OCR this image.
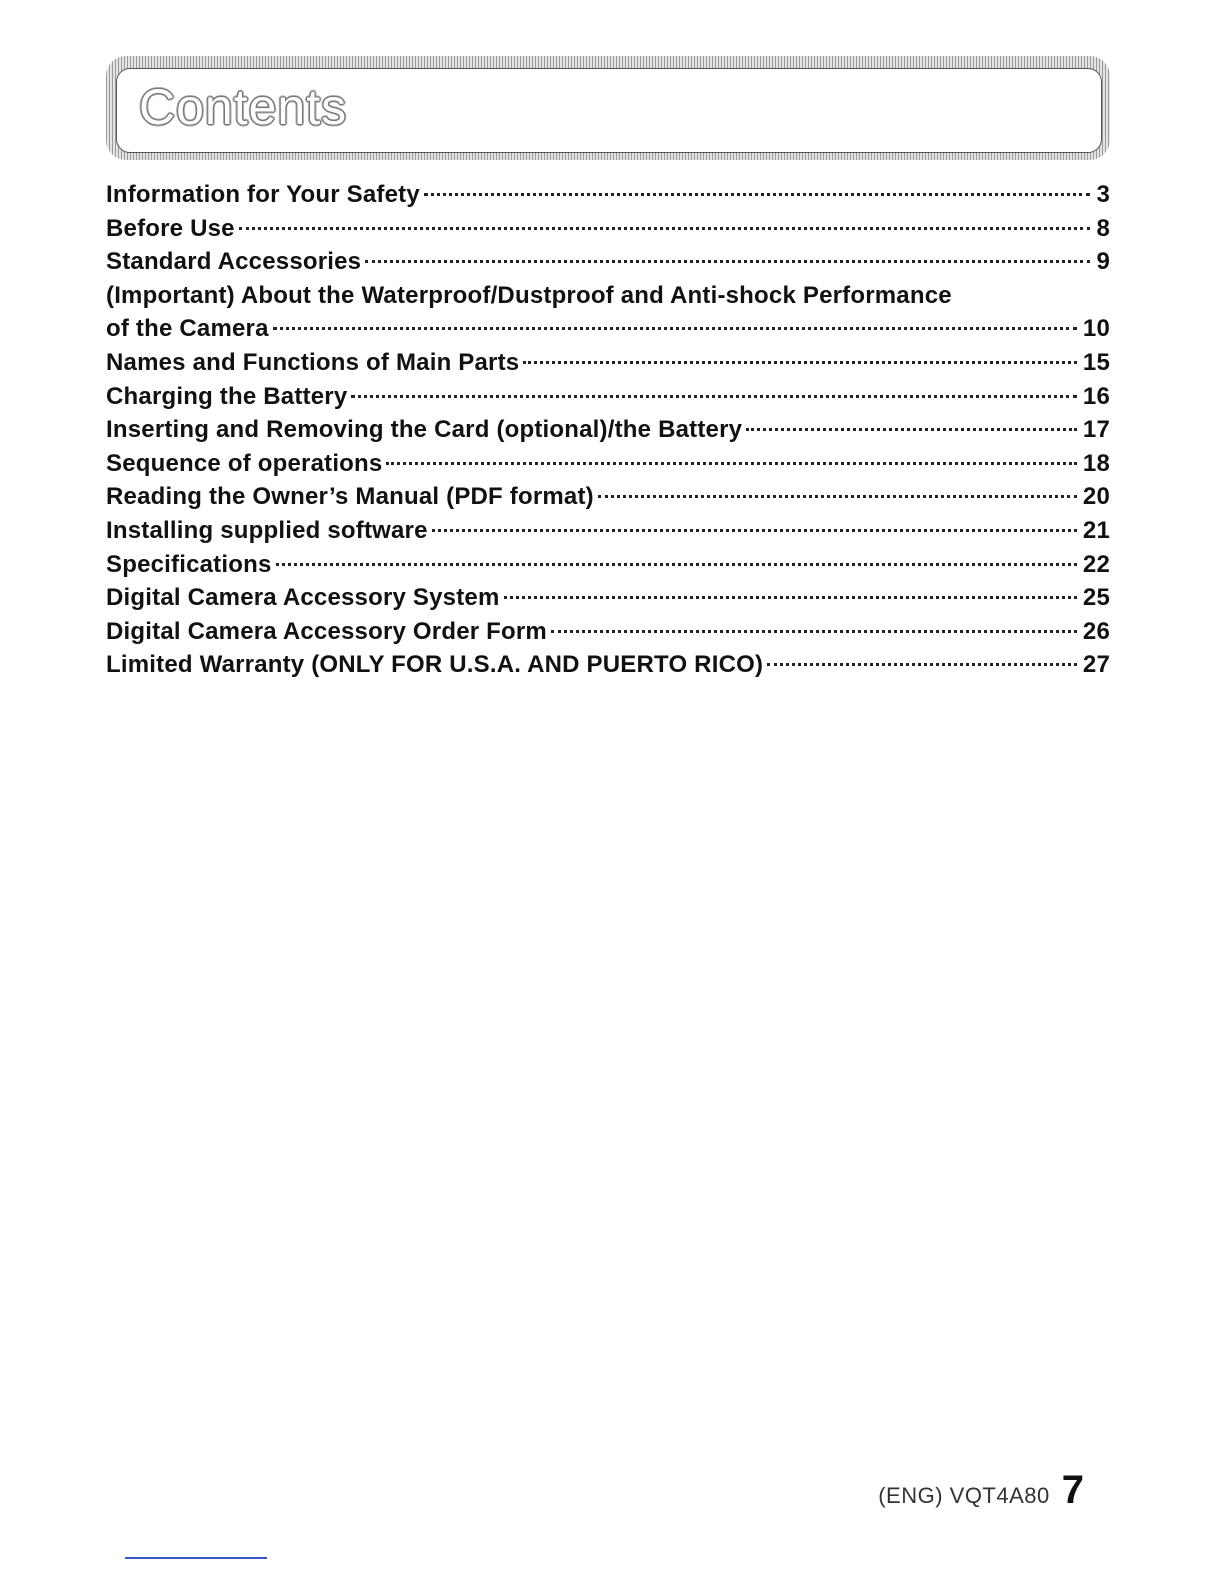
Contents
Information for Your Safety	3
Before Use	8
Standard Accessories	9
(Important) About the Waterproof/Dustproof and Anti-shock Performance
of the Camera	10
Names and Functions of Main Parts	15
Charging the Battery	16
Inserting and Removing the Card (optional)/the Battery	17
Sequence of operations	18
Reading the Owner’s Manual (PDF format)	20
Installing supplied software	21
Specifications	22
Digital Camera Accessory System	25
Digital Camera Accessory Order Form	26
Limited Warranty (ONLY FOR U.S.A. AND PUERTO RICO)	27
(ENG) VQT4A80 7
